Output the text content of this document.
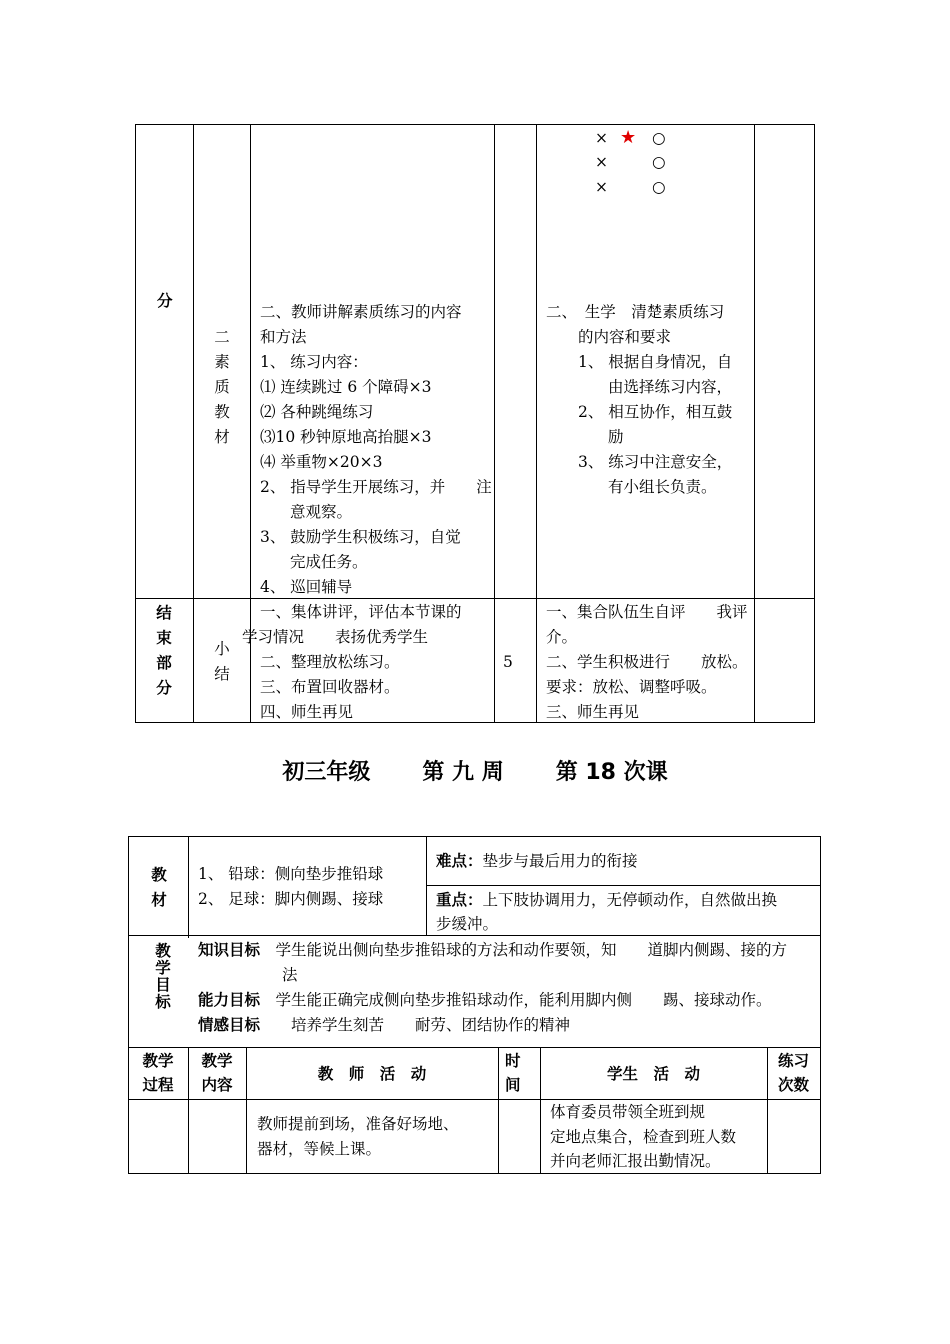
分
二
素
质
教
材
二、教师讲解素质练习的内容
和方法
1、 练习内容：
⑴ 连续跳过 6 个障碍×3
⑵ 各种跳绳练习
⑶10 秒钟原地高抬腿×3
⑷ 举重物×20×3
2、 指导学生开展练习，并　　注
意观察。
3、 鼓励学生积极练习，自觉
完成任务。
4、 巡回辅导
× ★ ○
×	○
×	○
二、　生学　清楚素质练习
的内容和要求
1、 根据自身情况，自
由选择练习内容，
2、 相互协作，相互鼓
励
3、 练习中注意安全，
有小组长负责。
结
束
部
分
小
结
一、集体讲评，评估本节课的
学习情况　　表扬优秀学生
二、整理放松练习。
三、布置回收器材。
四、师生再见
5
一、集合队伍生自评　　我评
介。
二、学生积极进行　　放松。
要求：放松、调整呼吸。
三、师生再见
初三年级 第 九 周 第 18 次课
教
材
1、 铅球：侧向垫步推铅球
2、 足球：脚内侧踢、接球
难点：垫步与最后用力的衔接
重点：上下肢协调用力，无停顿动作，自然做出换
步缓冲。
教
学
目
标
知识目标　 学生能说出侧向垫步推铅球的方法和动作要领，知　　道脚内侧踢、接的方
法
能力目标　 学生能正确完成侧向垫步推铅球动作，能利用脚内侧　　踢、接球动作。
情感目标　　 培养学生刻苦　　耐劳、团结协作的精神
教学
过程
教学
内容
教　师　活　动
时
间
学生　活　动
练习
次数
教师提前到场，准备好场地、
器材，等候上课。
体育委员带领全班到规
定地点集合，检查到班人数
并向老师汇报出勤情况。
